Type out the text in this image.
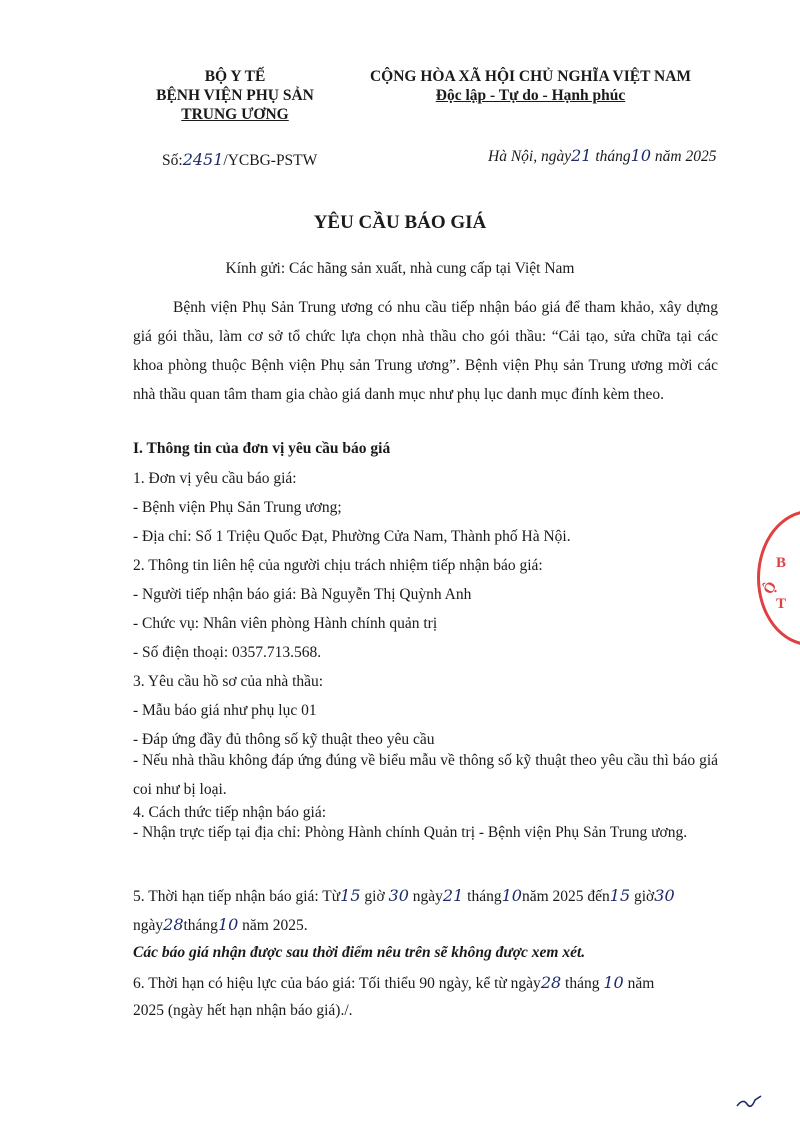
BỘ Y TẾ
BỆNH VIỆN PHỤ SẢN
TRUNG ƯƠNG
Số:2451/YCBG-PSTW
CỘNG HÒA XÃ HỘI CHỦ NGHĨA VIỆT NAM
Độc lập - Tự do - Hạnh phúc
Hà Nội, ngày21 tháng10 năm 2025
YÊU CẦU BÁO GIÁ
Kính gửi: Các hãng sản xuất, nhà cung cấp tại Việt Nam
Bệnh viện Phụ Sản Trung ương có nhu cầu tiếp nhận báo giá để tham khảo, xây dựng giá gói thầu, làm cơ sở tổ chức lựa chọn nhà thầu cho gói thầu: “Cải tạo, sửa chữa tại các khoa phòng thuộc Bệnh viện Phụ sản Trung ương”. Bệnh viện Phụ sản Trung ương mời các nhà thầu quan tâm tham gia chào giá danh mục như phụ lục danh mục đính kèm theo.
I. Thông tin của đơn vị yêu cầu báo giá
1. Đơn vị yêu cầu báo giá:
- Bệnh viện Phụ Sản Trung ương;
- Địa chỉ: Số 1 Triệu Quốc Đạt, Phường Cửa Nam, Thành phố Hà Nội.
2. Thông tin liên hệ của người chịu trách nhiệm tiếp nhận báo giá:
- Người tiếp nhận báo giá: Bà Nguyễn Thị Quỳnh Anh
- Chức vụ: Nhân viên phòng Hành chính quản trị
- Số điện thoại: 0357.713.568.
3. Yêu cầu hồ sơ của nhà thầu:
- Mẫu báo giá như phụ lục 01
- Đáp ứng đầy đủ thông số kỹ thuật theo yêu cầu
- Nếu nhà thầu không đáp ứng đúng về biểu mẫu về thông số kỹ thuật theo yêu cầu thì báo giá coi như bị loại.
4. Cách thức tiếp nhận báo giá:
- Nhận trực tiếp tại địa chỉ: Phòng Hành chính Quản trị - Bệnh viện Phụ Sản Trung ương.
5. Thời hạn tiếp nhận báo giá: Từ15 giờ 30 ngày21 tháng10năm 2025 đến15 giờ30
ngày28tháng10 năm 2025.
Các báo giá nhận được sau thời điểm nêu trên sẽ không được xem xét.
6. Thời hạn có hiệu lực của báo giá: Tối thiểu 90 ngày, kể từ ngày28 tháng 10 năm
2025 (ngày hết hạn nhận báo giá)./.
B
Ộ
T
